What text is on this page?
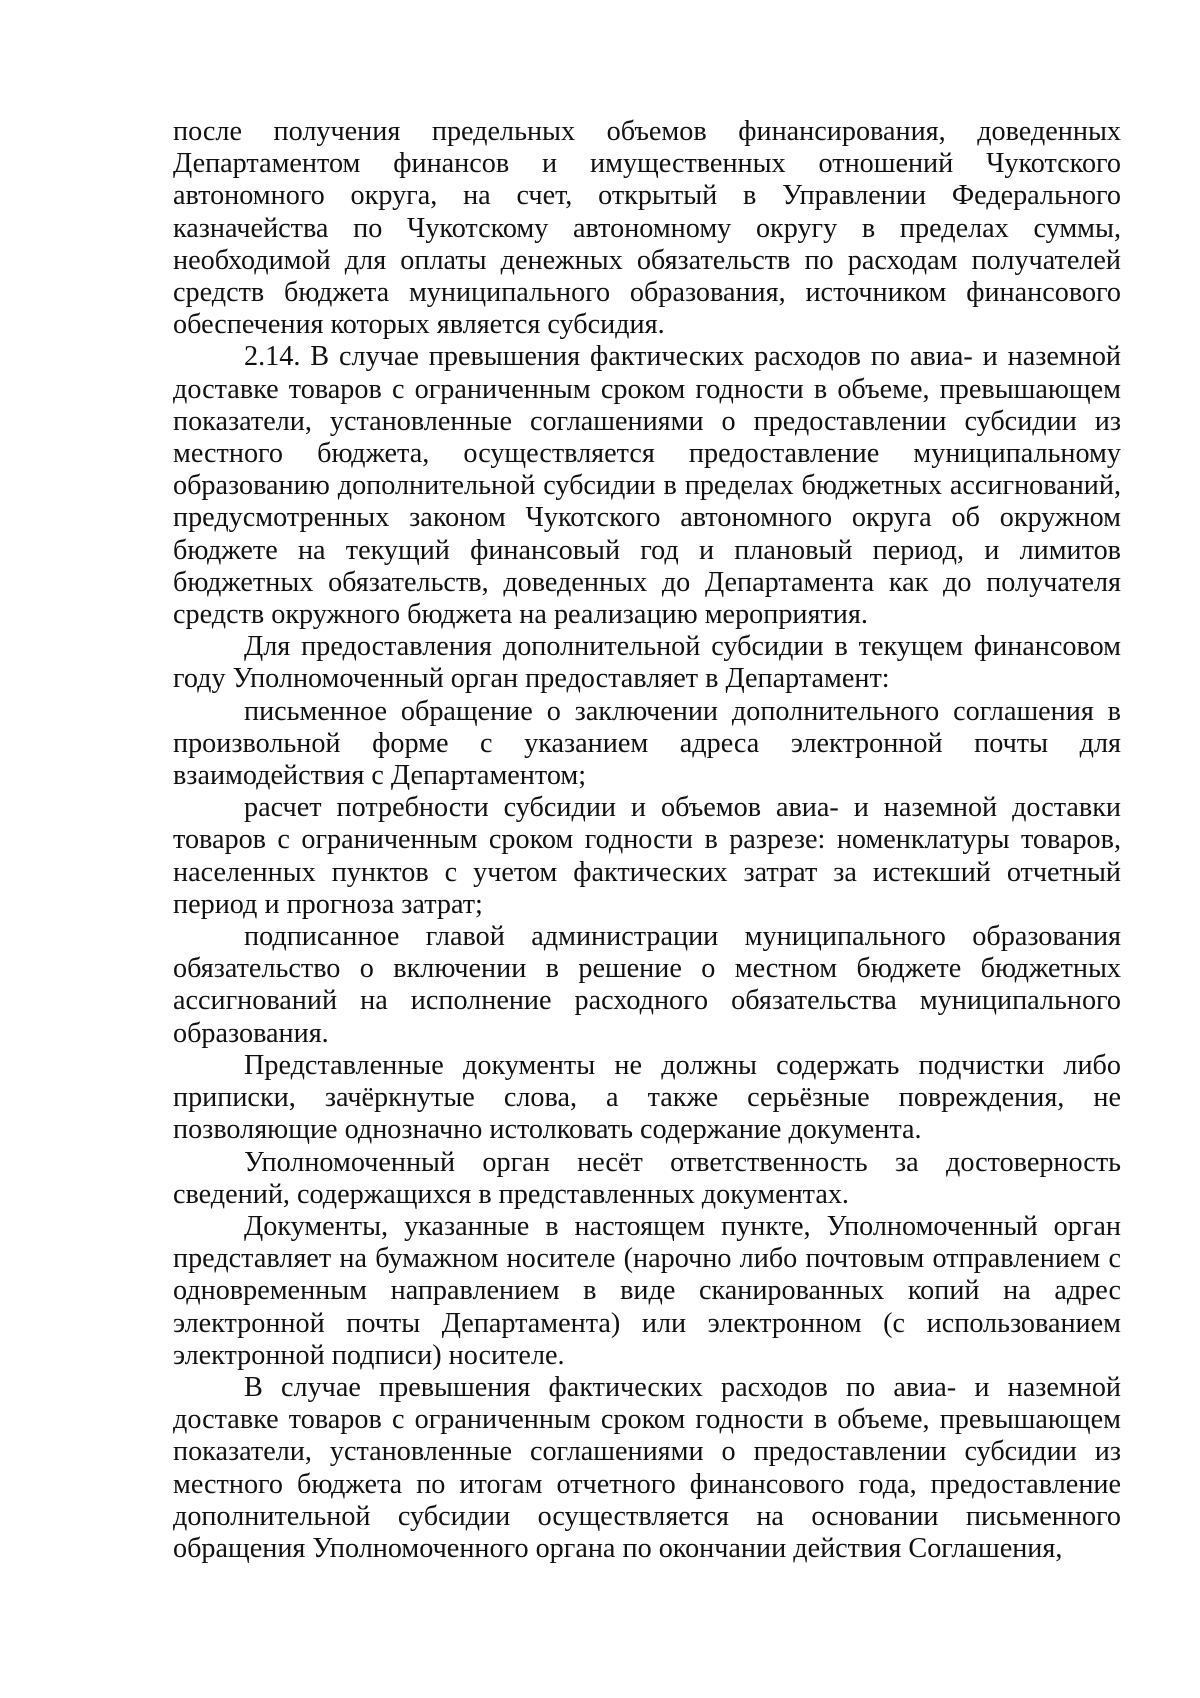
после получения предельных объемов финансирования, доведенных Департаментом финансов и имущественных отношений Чукотского автономного округа, на счет, открытый в Управлении Федерального казначейства по Чукотскому автономному округу в пределах суммы, необходимой для оплаты денежных обязательств по расходам получателей средств бюджета муниципального образования, источником финансового обеспечения которых является субсидия.

2.14. В случае превышения фактических расходов по авиа- и наземной доставке товаров с ограниченным сроком годности в объеме, превышающем показатели, установленные соглашениями о предоставлении субсидии из местного бюджета, осуществляется предоставление муниципальному образованию дополнительной субсидии в пределах бюджетных ассигнований, предусмотренных законом Чукотского автономного округа об окружном бюджете на текущий финансовый год и плановый период, и лимитов бюджетных обязательств, доведенных до Департамента как до получателя средств окружного бюджета на реализацию мероприятия.

Для предоставления дополнительной субсидии в текущем финансовом году Уполномоченный орган предоставляет в Департамент:

письменное обращение о заключении дополнительного соглашения в произвольной форме с указанием адреса электронной почты для взаимодействия с Департаментом;

расчет потребности субсидии и объемов авиа- и наземной доставки товаров с ограниченным сроком годности в разрезе: номенклатуры товаров, населенных пунктов с учетом фактических затрат за истекший отчетный период и прогноза затрат;

подписанное главой администрации муниципального образования обязательство о включении в решение о местном бюджете бюджетных ассигнований на исполнение расходного обязательства муниципального образования.

Представленные документы не должны содержать подчистки либо приписки, зачёркнутые слова, а также серьёзные повреждения, не позволяющие однозначно истолковать содержание документа.

Уполномоченный орган несёт ответственность за достоверность сведений, содержащихся в представленных документах.

Документы, указанные в настоящем пункте, Уполномоченный орган представляет на бумажном носителе (нарочно либо почтовым отправлением с одновременным направлением в виде сканированных копий на адрес электронной почты Департамента) или электронном (с использованием электронной подписи) носителе.

В случае превышения фактических расходов по авиа- и наземной доставке товаров с ограниченным сроком годности в объеме, превышающем показатели, установленные соглашениями о предоставлении субсидии из местного бюджета по итогам отчетного финансового года, предоставление дополнительной субсидии осуществляется на основании письменного обращения Уполномоченного органа по окончании действия Соглашения,
